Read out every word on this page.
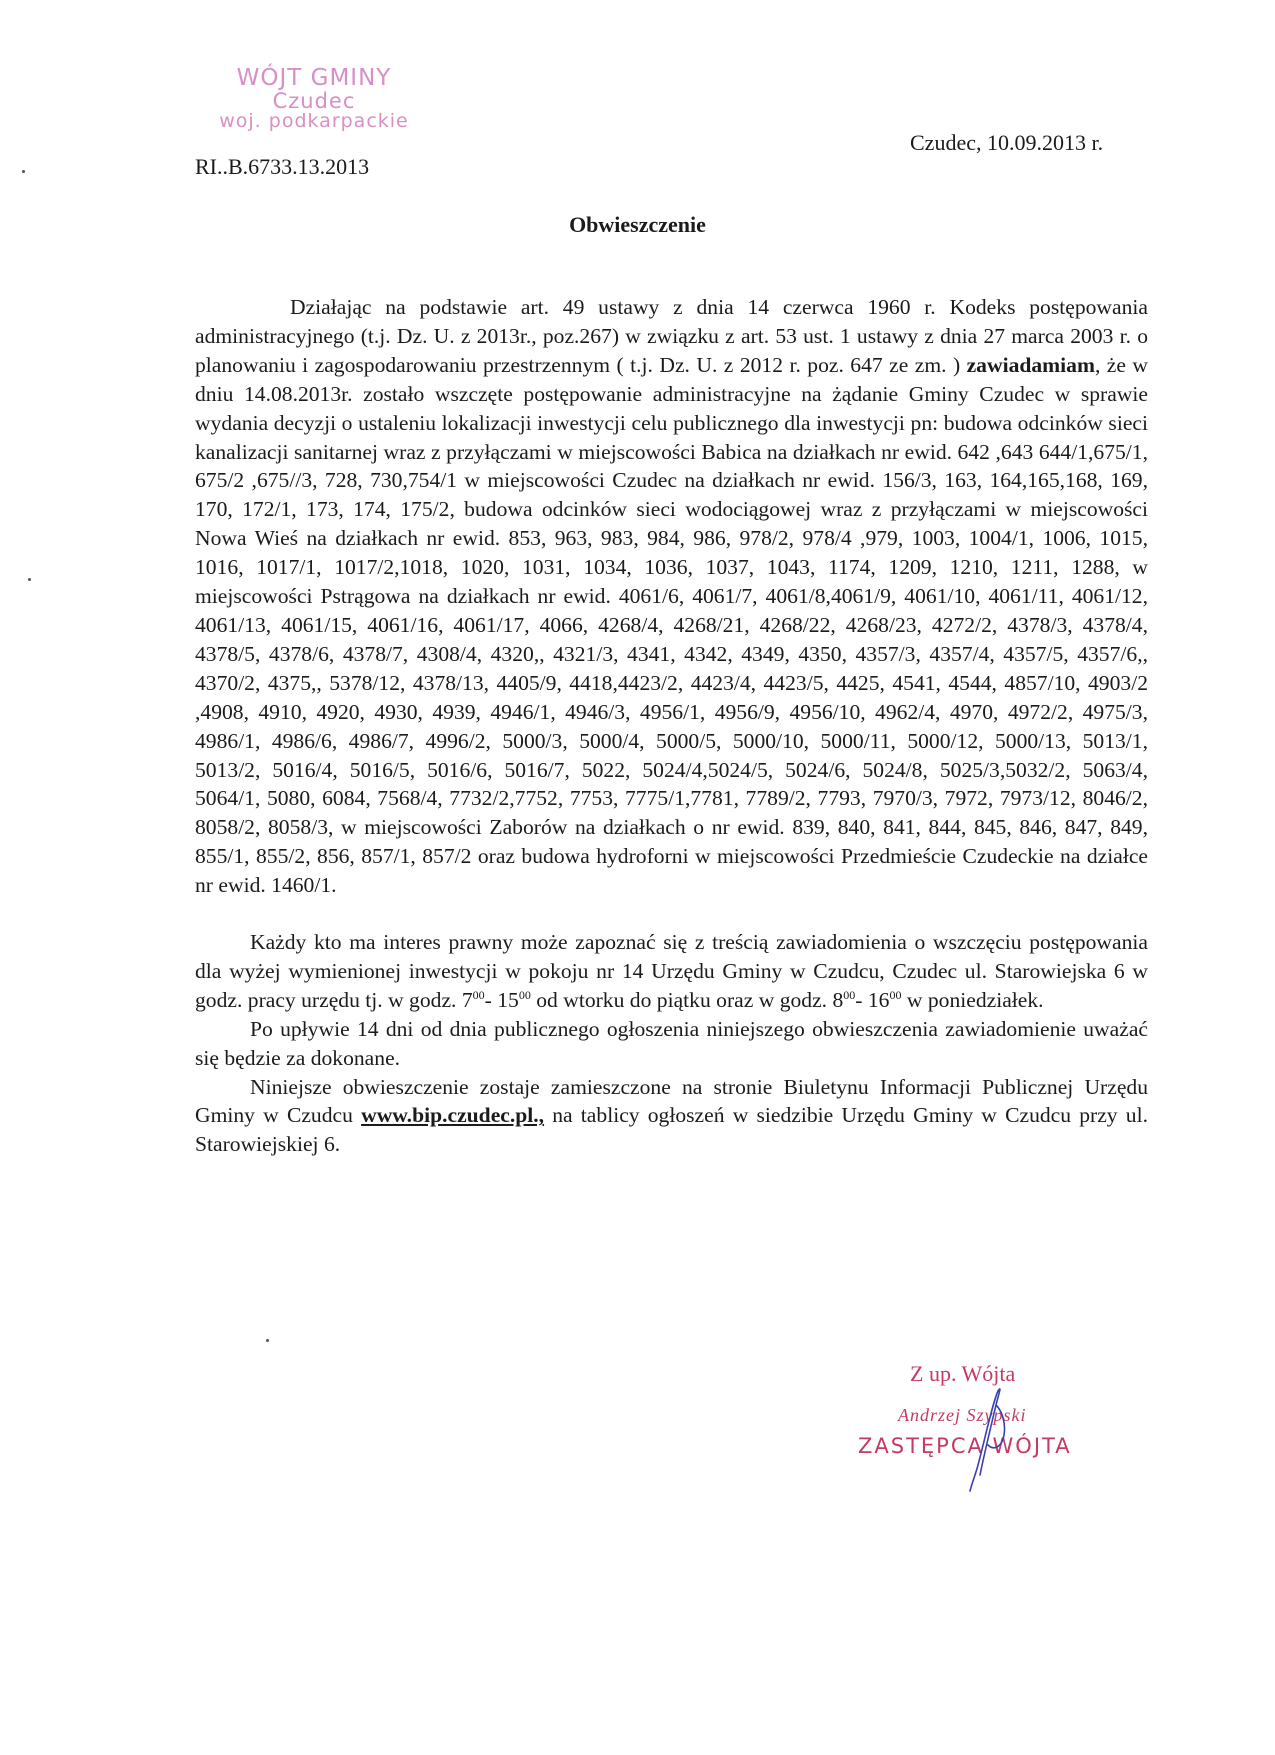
WÓJT GMINY
Czudec
woj. podkarpackie
RI..B.6733.13.2013
Czudec, 10.09.2013 r.
Obwieszczenie

Działając na podstawie art. 49 ustawy z dnia 14 czerwca 1960 r. Kodeks postępowania administracyjnego (t.j. Dz. U. z 2013r., poz.267) w związku z art. 53 ust. 1 ustawy z dnia 27 marca 2003 r. o planowaniu i zagospodarowaniu przestrzennym ( t.j. Dz. U. z 2012 r. poz. 647 ze zm. ) zawiadamiam, że w dniu 14.08.2013r. zostało wszczęte postępowanie administracyjne na żądanie Gminy Czudec w sprawie wydania decyzji o ustaleniu lokalizacji inwestycji celu publicznego dla inwestycji pn: budowa odcinków sieci kanalizacji sanitarnej wraz z przyłączami w miejscowości Babica na działkach nr ewid. 642 ,643 644/1,675/1, 675/2 ,675//3, 728, 730,754/1 w miejscowości Czudec na działkach nr ewid. 156/3, 163, 164,165,168, 169, 170, 172/1, 173, 174, 175/2, budowa odcinków sieci wodociągowej wraz z przyłączami w miejscowości Nowa Wieś na działkach nr ewid. 853, 963, 983, 984, 986, 978/2, 978/4 ,979, 1003, 1004/1, 1006, 1015, 1016, 1017/1, 1017/2,1018, 1020, 1031, 1034, 1036, 1037, 1043, 1174, 1209, 1210, 1211, 1288, w miejscowości Pstrągowa na działkach nr ewid. 4061/6, 4061/7, 4061/8,4061/9, 4061/10, 4061/11, 4061/12, 4061/13, 4061/15, 4061/16, 4061/17, 4066, 4268/4, 4268/21, 4268/22, 4268/23, 4272/2, 4378/3, 4378/4, 4378/5, 4378/6, 4378/7, 4308/4, 4320,, 4321/3, 4341, 4342, 4349, 4350, 4357/3, 4357/4, 4357/5, 4357/6,, 4370/2, 4375,, 5378/12, 4378/13, 4405/9, 4418,4423/2, 4423/4, 4423/5, 4425, 4541, 4544, 4857/10, 4903/2 ,4908, 4910, 4920, 4930, 4939, 4946/1, 4946/3, 4956/1, 4956/9, 4956/10, 4962/4, 4970, 4972/2, 4975/3, 4986/1, 4986/6, 4986/7, 4996/2, 5000/3, 5000/4, 5000/5, 5000/10, 5000/11, 5000/12, 5000/13, 5013/1, 5013/2, 5016/4, 5016/5, 5016/6, 5016/7, 5022, 5024/4,5024/5, 5024/6, 5024/8, 5025/3,5032/2, 5063/4, 5064/1, 5080, 6084, 7568/4, 7732/2,7752, 7753, 7775/1,7781, 7789/2, 7793, 7970/3, 7972, 7973/12, 8046/2, 8058/2, 8058/3, w miejscowości Zaborów na działkach o nr ewid. 839, 840, 841, 844, 845, 846, 847, 849, 855/1, 855/2, 856, 857/1, 857/2 oraz budowa hydroforni w miejscowości Przedmieście Czudeckie na działce nr ewid. 1460/1.

Każdy kto ma interes prawny może zapoznać się z treścią zawiadomienia o wszczęciu postępowania dla wyżej wymienionej inwestycji w pokoju nr 14 Urzędu Gminy w Czudcu, Czudec ul. Starowiejska 6 w godz. pracy urzędu tj. w godz. $7^{00}-$ $15^{00}$ od wtorku do piątku oraz w godz. $8^{00}-$ $16^{00}$ w poniedziałek.

Po upływie 14 dni od dnia publicznego ogłoszenia niniejszego obwieszczenia zawiadomienie uważać się będzie za dokonane.

Niniejsze obwieszczenie zostaje zamieszczone na stronie Biuletynu Informacji Publicznej Urzędu Gminy w Czudcu www.bip.czudec.pl., na tablicy ogłoszeń w siedzibie Urzędu Gminy w Czudcu przy ul. Starowiejskiej 6.

Z up. Wójta
Andrzej Szypski
ZASTĘPCA WÓJTA
